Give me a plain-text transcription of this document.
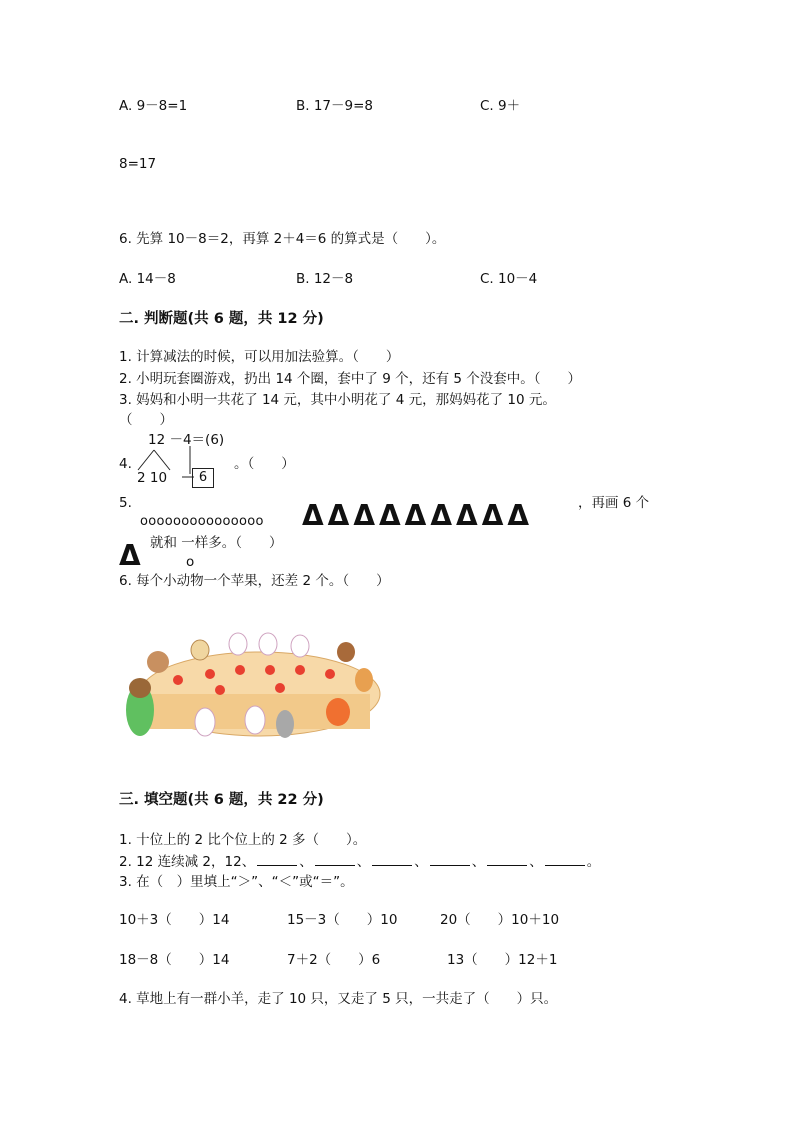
A. 9－8=1	B. 17－9=8	C. 9＋
8=17
6. 先算 10－8＝2，再算 2＋4＝6 的算式是（　　）。
A. 14－8	B. 12－8	C. 10－4
二. 判断题(共 6 题，共 12 分)
1. 计算减法的时候，可以用加法验算。（　　）
2. 小明玩套圈游戏，扔出 14 个圈，套中了 9 个，还有 5 个没套中。（　　）
3. 妈妈和小明一共花了 14 元，其中小明花了 4 元，那妈妈花了 10 元。
（　　）
12 －4＝(6)
4.
2 10	6
。（　　）
5.
ooooooooooooooo ΔΔΔΔΔΔΔΔΔ	，再画 6 个
Δ 就和 一样多。（　　）
o
6. 每个小动物一个苹果，还差 2 个。（　　）
三. 填空题(共 6 题，共 22 分)
1. 十位上的 2 比个位上的 2 多（　　）。
2. 12 连续减 2，12、	、	、	、	、	、	。
3. 在（　）里填上“＞”、“＜”或“＝”。
10＋3（　　）14	15－3（　　）10	20（　　）10＋10
18－8（　　）14	7＋2（　　）6	13（　　）12＋1
4. 草地上有一群小羊，走了 10 只，又走了 5 只，一共走了（　　）只。
